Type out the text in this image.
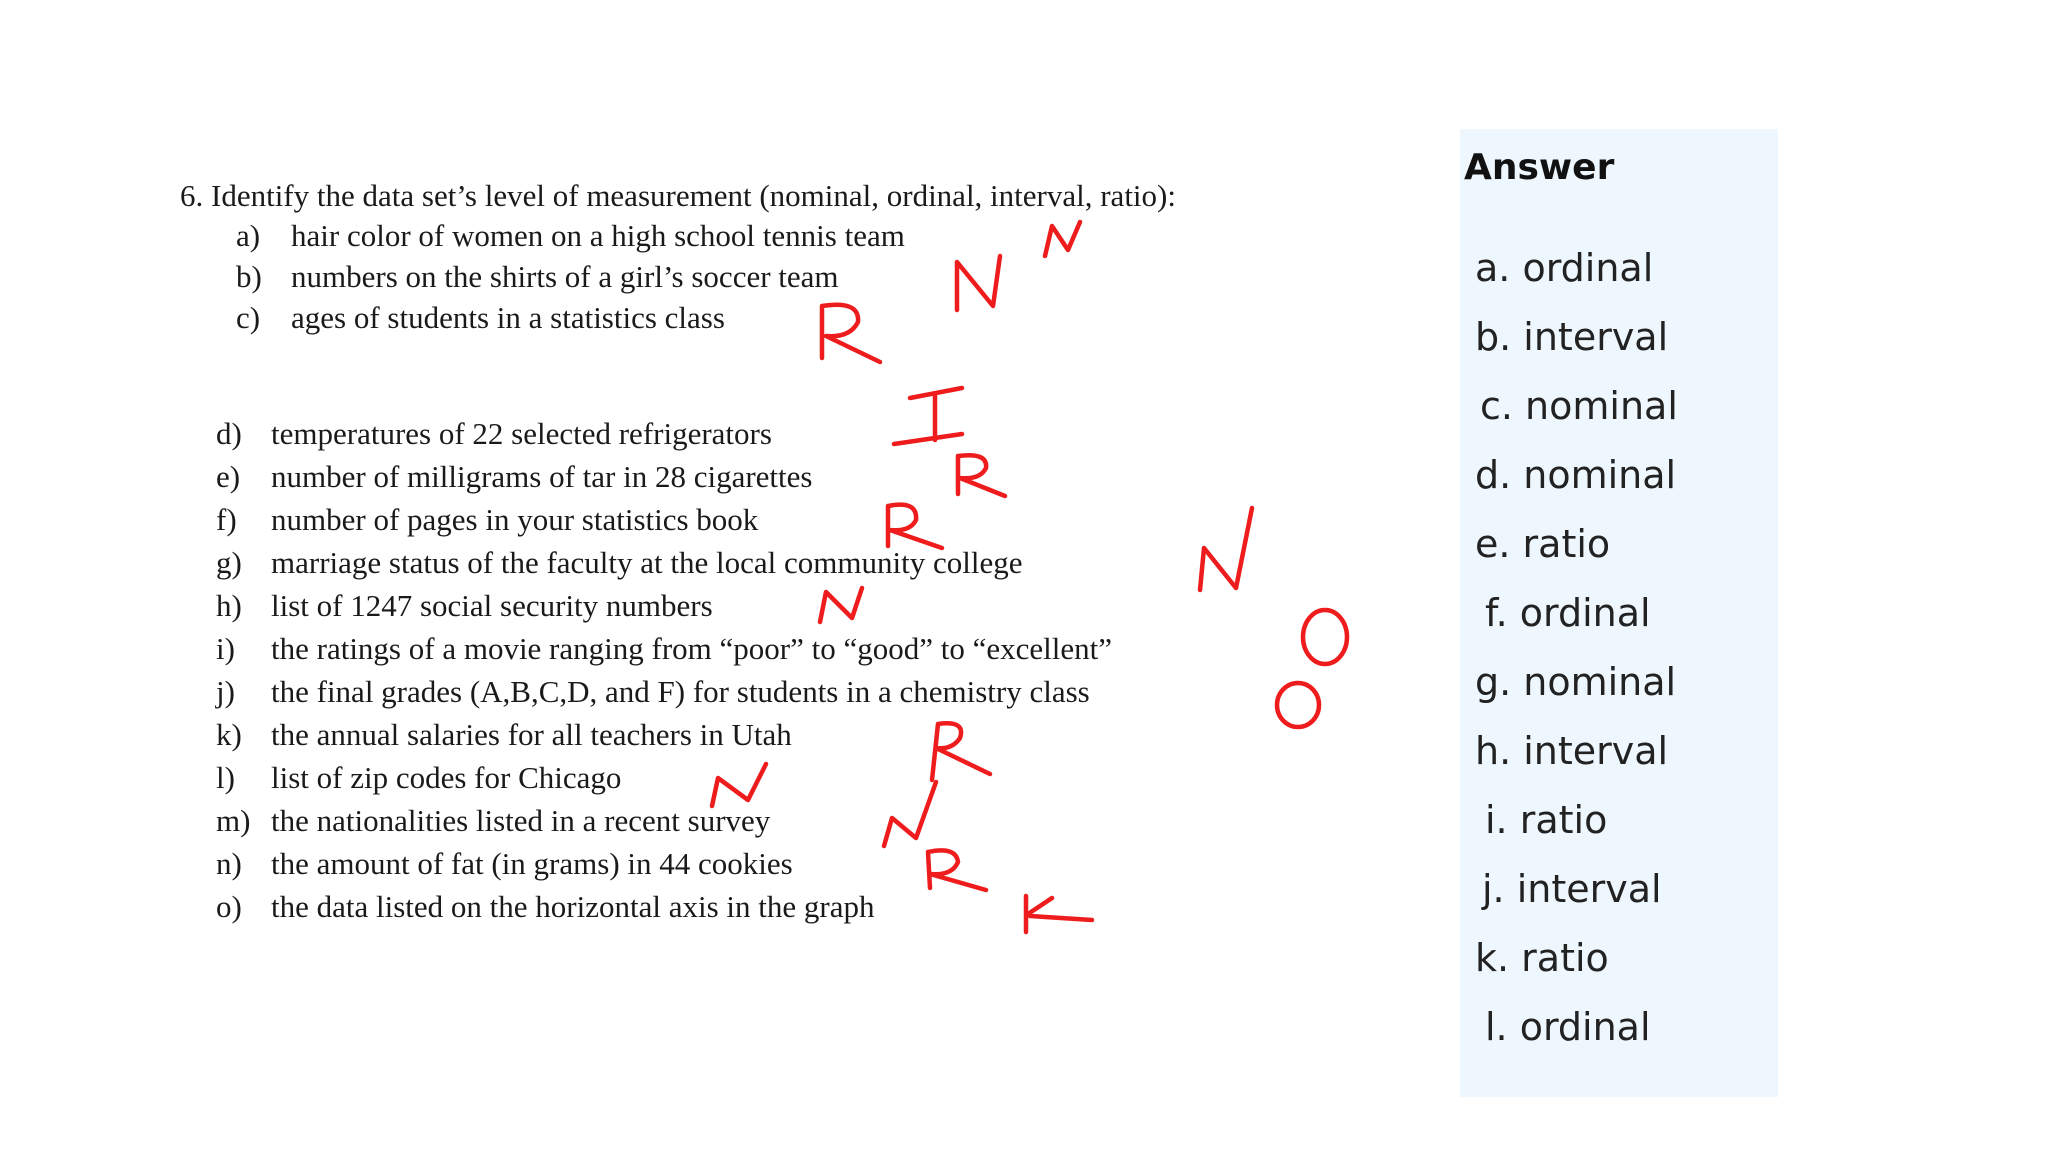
6. Identify the data set’s level of measurement (nominal, ordinal, interval, ratio):
a) hair color of women on a high school tennis team
b) numbers on the shirts of a girl’s soccer team
c) ages of students in a statistics class
d) temperatures of 22 selected refrigerators
e) number of milligrams of tar in 28 cigarettes
f) number of pages in your statistics book
g) marriage status of the faculty at the local community college
h) list of 1247 social security numbers
i) the ratings of a movie ranging from “poor” to “good” to “excellent”
j) the final grades (A,B,C,D, and F) for students in a chemistry class
k) the annual salaries for all teachers in Utah
l) list of zip codes for Chicago
m) the nationalities listed in a recent survey
n) the amount of fat (in grams) in 44 cookies
o) the data listed on the horizontal axis in the graph
Answer
a. ordinal
b. interval
c. nominal
d. nominal
e. ratio
f. ordinal
g. nominal
h. interval
i. ratio
j. interval
k. ratio
l. ordinal
